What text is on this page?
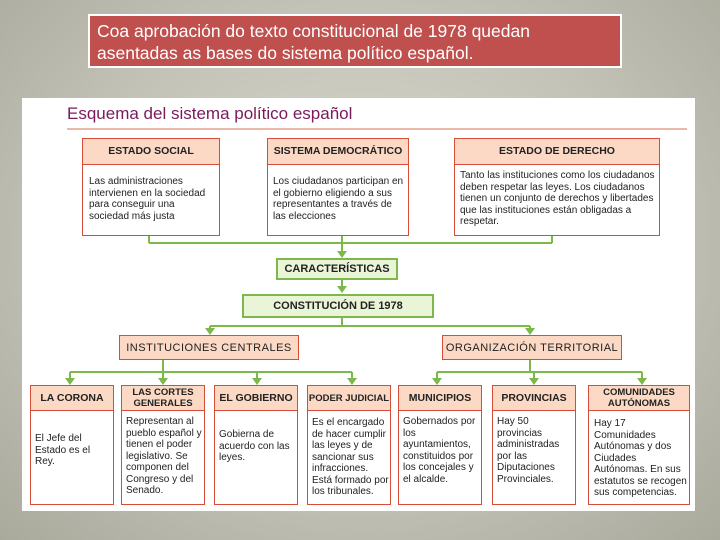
Coa aprobación do texto constitucional de 1978 quedan asentadas as bases do sistema político español.
Esquema del sistema político español
ESTADO SOCIAL
Las administraciones intervienen en la sociedad para conseguir una sociedad más justa
SISTEMA DEMOCRÁTICO
Los ciudadanos participan en el gobierno eligiendo a sus representantes a través de las elecciones
ESTADO DE DERECHO
Tanto las instituciones como los ciudadanos deben respetar las leyes. Los ciudadanos tienen un conjunto de derechos y libertades que las instituciones están obligadas a respetar.
CARACTERÍSTICAS
CONSTITUCIÓN DE 1978
INSTITUCIONES CENTRALES	ORGANIZACIÓN TERRITORIAL
LA CORONA
El Jefe del Estado es el Rey.
LAS CORTES GENERALES
Representan al pueblo español y tienen el poder legislativo. Se componen del Congreso y del Senado.
EL GOBIERNO
Gobierna de acuerdo con las leyes.
PODER JUDICIAL
Es el encargado de hacer cumplir las leyes y de sancionar sus infracciones. Está formado por los tribunales.
MUNICIPIOS
Gobernados por los ayuntamientos, constituidos por los concejales y el alcalde.
PROVINCIAS
Hay 50 provincias administradas por las Diputaciones Provinciales.
COMUNIDADES AUTÓNOMAS
Hay 17 Comunidades Autónomas y dos Ciudades Autónomas. En sus estatutos se recogen sus competencias.
